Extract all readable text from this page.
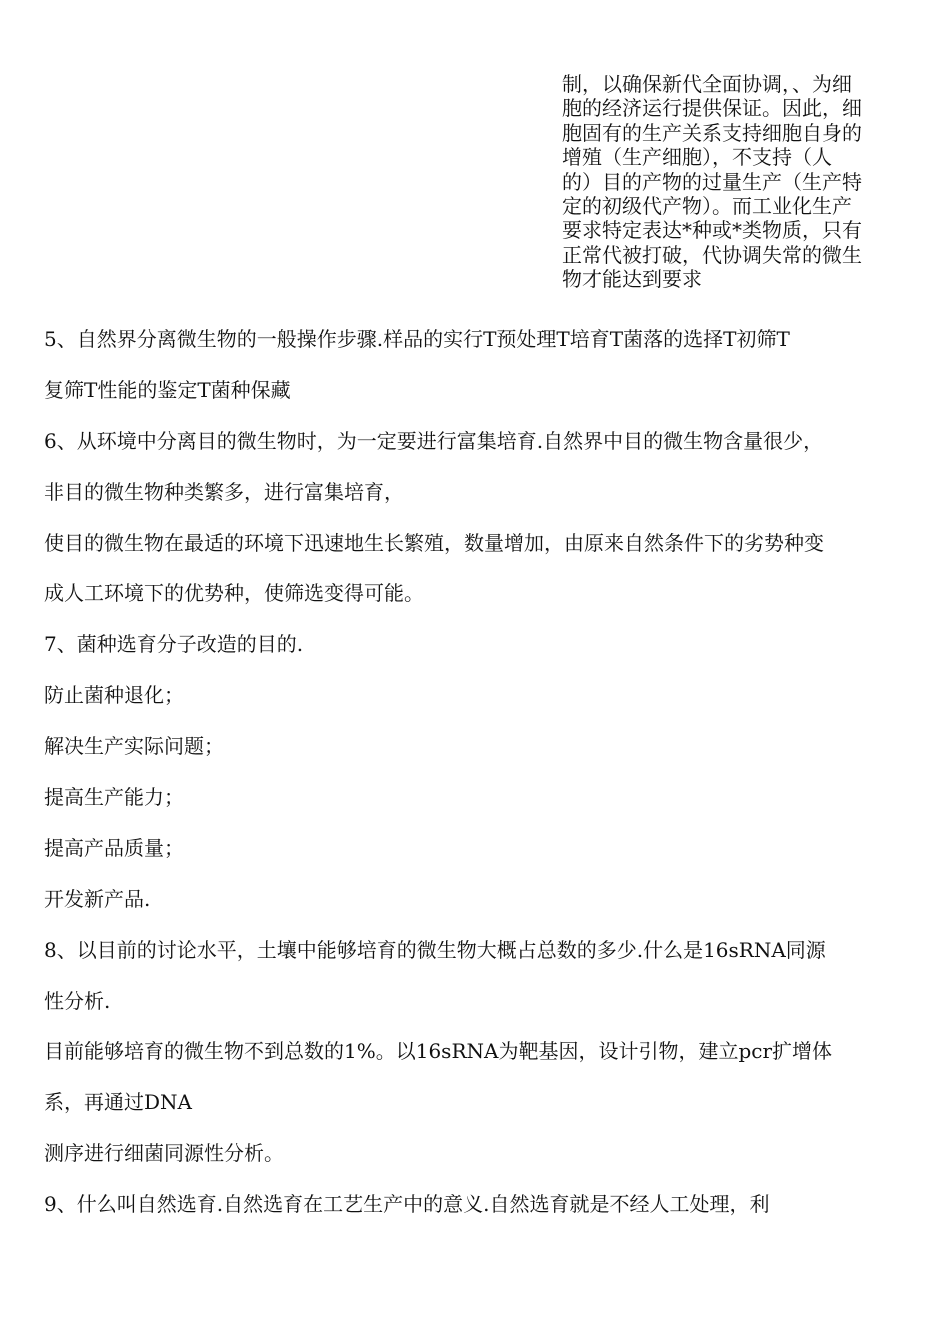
制，以确保新代全面协调，、为细
胞的经济运行提供保证。因此，细
胞固有的生产关系支持细胞自身的
增殖（生产细胞），不支持（人
的）目的产物的过量生产（生产特
定的初级代产物）。而工业化生产
要求特定表达*种或*类物质，只有
正常代被打破，代协调失常的微生
物才能达到要求
5、自然界分离微生物的一般操作步骤.样品的实行T预处理T培育T菌落的选择T初筛T
复筛T性能的鉴定T菌种保藏
6、从环境中分离目的微生物时，为一定要进行富集培育.自然界中目的微生物含量很少，
非目的微生物种类繁多，进行富集培育，
使目的微生物在最适的环境下迅速地生长繁殖，数量增加，由原来自然条件下的劣势种变
成人工环境下的优势种，使筛选变得可能。
7、菌种选育分子改造的目的.
防止菌种退化；
解决生产实际问题；
提高生产能力；
提高产品质量；
开发新产品.
8、以目前的讨论水平，土壤中能够培育的微生物大概占总数的多少.什么是16sRNA同源
性分析.
目前能够培育的微生物不到总数的1%。以16sRNA为靶基因，设计引物，建立pcr扩增体
系，再通过DNA
测序进行细菌同源性分析。
9、什么叫自然选育.自然选育在工艺生产中的意义.自然选育就是不经人工处理，利
